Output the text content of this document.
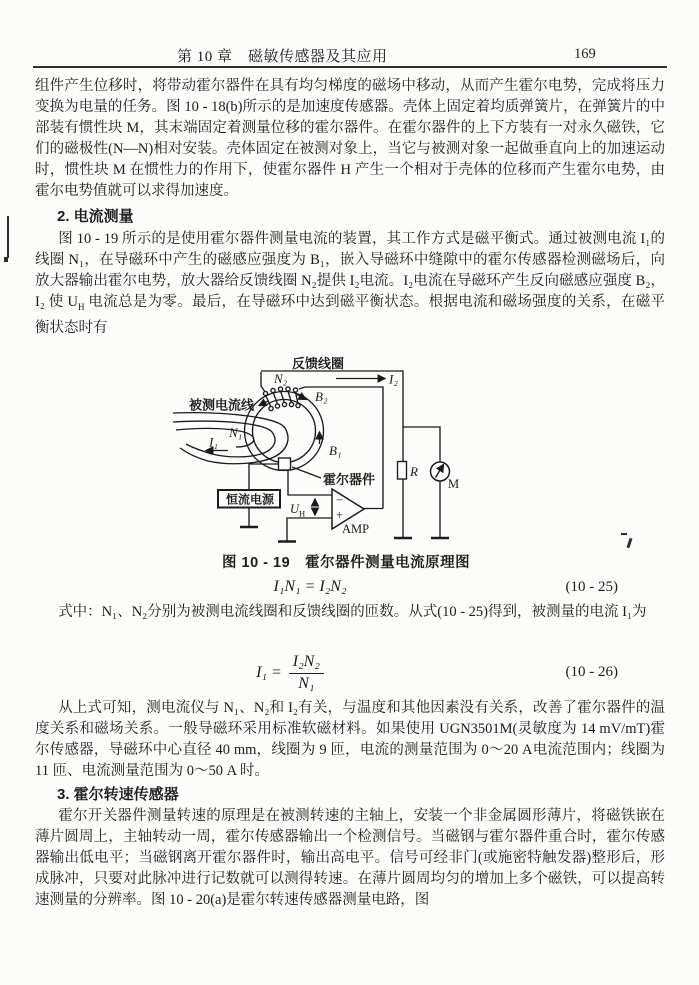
第 10 章　磁敏传感器及其应用	169

组件产生位移时，将带动霍尔器件在具有均匀梯度的磁场中移动，从而产生霍尔电势，完成将压力变换为电量的任务。图 10 - 18(b)所示的是加速度传感器。壳体上固定着均质弹簧片，在弹簧片的中部装有惯性块 M，其末端固定着测量位移的霍尔器件。在霍尔器件的上下方装有一对永久磁铁，它们的磁极性(N—N)相对安装。壳体固定在被测对象上，当它与被测对象一起做垂直向上的加速运动时，惯性块 M 在惯性力的作用下，使霍尔器件 H 产生一个相对于壳体的位移而产生霍尔电势，由霍尔电势值就可以求得加速度。

2. 电流测量

图 10 - 19 所示的是使用霍尔器件测量电流的装置，其工作方式是磁平衡式。通过被测电流 I₁的线圈 N₁，在导磁环中产生的磁感应强度为 B₁，嵌入导磁环中缝隙中的霍尔传感器检测磁场后，向放大器输出霍尔电势，放大器给反馈线圈 N₂提供 I₂电流。I₂电流在导磁环产生反向磁感应强度 B₂，I₂ 使 $U_H$ 电流总是为零。最后，在导磁环中达到磁平衡状态。根据电流和磁场强度的关系，在磁平衡状态时有

反馈线圈
N₂	I₂
B₂
被测电流线
N₁
I₁
B₁
霍尔器件
恒流电源
U H
−
+
AMP
R
M
图 10 - 19　霍尔器件测量电流原理图
I₁N₁ = I₂N₂	(10 - 25)

式中：N₁、N₂分别为被测电流线圈和反馈线圈的匝数。从式(10 - 25)得到，被测量的电流 I₁为

$I_1 = \frac{\text{I₂N₂}}{\text{N₁}}$	(10 - 26)

从上式可知，测电流仪与 N₁、N₂和 I₂有关，与温度和其他因素没有关系，改善了霍尔器件的温度关系和磁场关系。一般导磁环采用标准软磁材料。如果使用 UGN3501M(灵敏度为 14 mV/mT)霍尔传感器，导磁环中心直径 40 mm，线圈为 9 匝，电流的测量范围为 0～20 A电流范围内；线圈为 11 匝、电流测量范围为 0～50 A 时。

3. 霍尔转速传感器

霍尔开关器件测量转速的原理是在被测转速的主轴上，安装一个非金属圆形薄片，将磁铁嵌在薄片圆周上，主轴转动一周，霍尔传感器输出一个检测信号。当磁钢与霍尔器件重合时，霍尔传感器输出低电平；当磁钢离开霍尔器件时，输出高电平。信号可经非门(或施密特触发器)整形后，形成脉冲，只要对此脉冲进行记数就可以测得转速。在薄片圆周均匀的增加上多个磁铁，可以提高转速测量的分辨率。图 10 - 20(a)是霍尔转速传感器测量电路，图
